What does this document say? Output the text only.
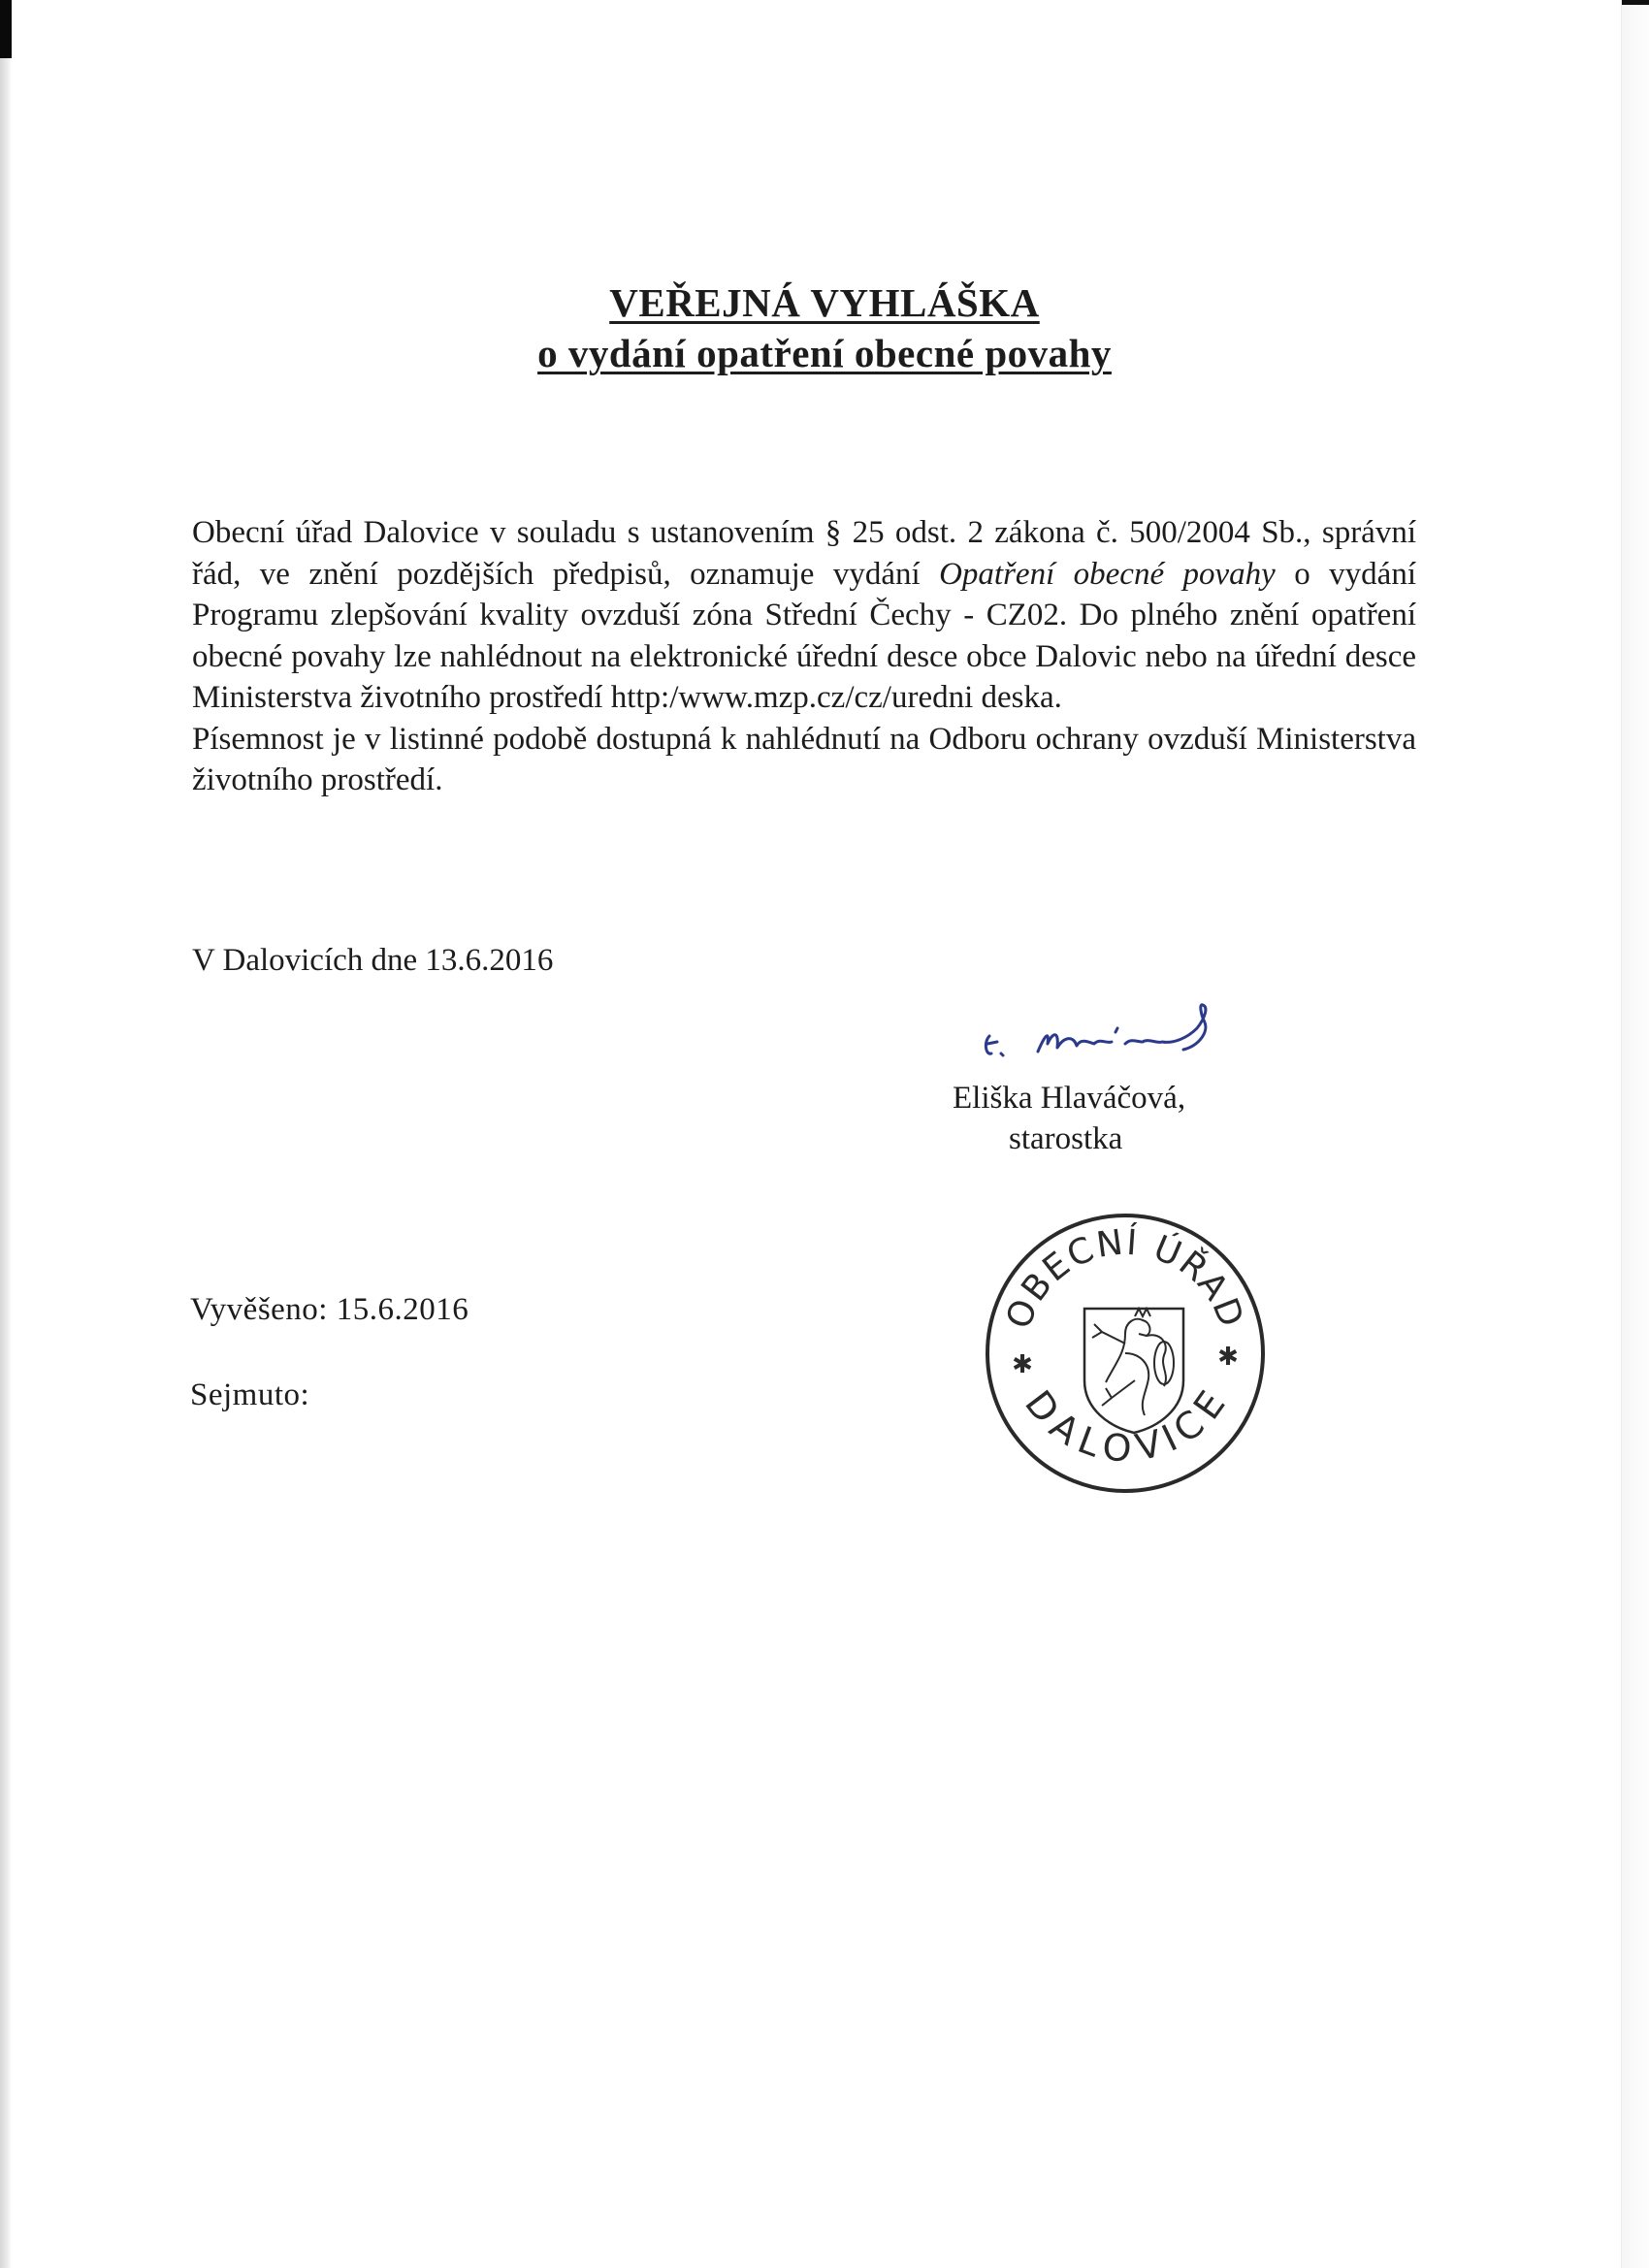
VEŘEJNÁ VYHLÁŠKA
o vydání opatření obecné povahy

Obecní úřad Dalovice v souladu s ustanovením § 25 odst. 2 zákona č. 500/2004 Sb., správní řád, ve znění pozdějších předpisů, oznamuje vydání Opatření obecné povahy o vydání Programu zlepšování kvality ovzduší zóna Střední Čechy - CZ02. Do plného znění opatření obecné povahy lze nahlédnout na elektronické úřední desce obce Dalovic nebo na úřední desce Ministerstva životního prostředí http:/www.mzp.cz/cz/uredni deska.

Písemnost je v listinné podobě dostupná k nahlédnutí na Odboru ochrany ovzduší Ministerstva životního prostředí.

V Dalovicích dne 13.6.2016
Eliška Hlaváčová,
starostka
OBECNÍ ÚŘAD
DALOVICE
✱	✱
Vyvěšeno: 15.6.2016
Sejmuto:
